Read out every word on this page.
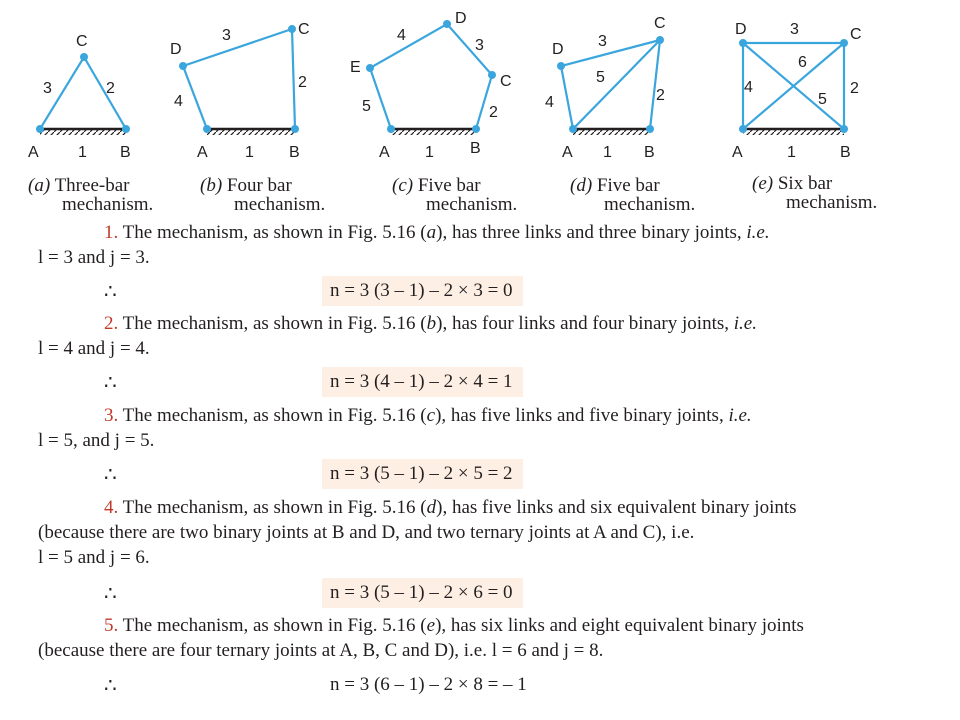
A	B
C
1
2
3
A	B
C
D
1
2
3
4
A	B
C
D
E
1
2
3
4
5
A	B
C
D
1
2
3
4
5
A	B
C
D
1
2
3
4
5
6
(a) Three-bar
mechanism.
(b) Four bar
mechanism.
(c) Five bar
mechanism.
(d) Five bar
mechanism.
(e) Six bar
mechanism.

1. The mechanism, as shown in Fig. 5.16 (a), has three links and three binary joints, i.e.
l = 3 and j = 3.

∴	n = 3 (3 – 1) – 2 × 3 = 0

2. The mechanism, as shown in Fig. 5.16 (b), has four links and four binary joints, i.e.
l = 4 and j = 4.

∴	n = 3 (4 – 1) – 2 × 4 = 1

3. The mechanism, as shown in Fig. 5.16 (c), has five links and five binary joints, i.e.
l = 5, and j = 5.

∴	n = 3 (5 – 1) – 2 × 5 = 2

4. The mechanism, as shown in Fig. 5.16 (d), has five links and six equivalent binary joints
(because there are two binary joints at B and D, and two ternary joints at A and C), i.e.
l = 5 and j = 6.

∴	n = 3 (5 – 1) – 2 × 6 = 0

5. The mechanism, as shown in Fig. 5.16 (e), has six links and eight equivalent binary joints
(because there are four ternary joints at A, B, C and D), i.e. l = 6 and j = 8.

∴	n = 3 (6 – 1) – 2 × 8 = – 1
